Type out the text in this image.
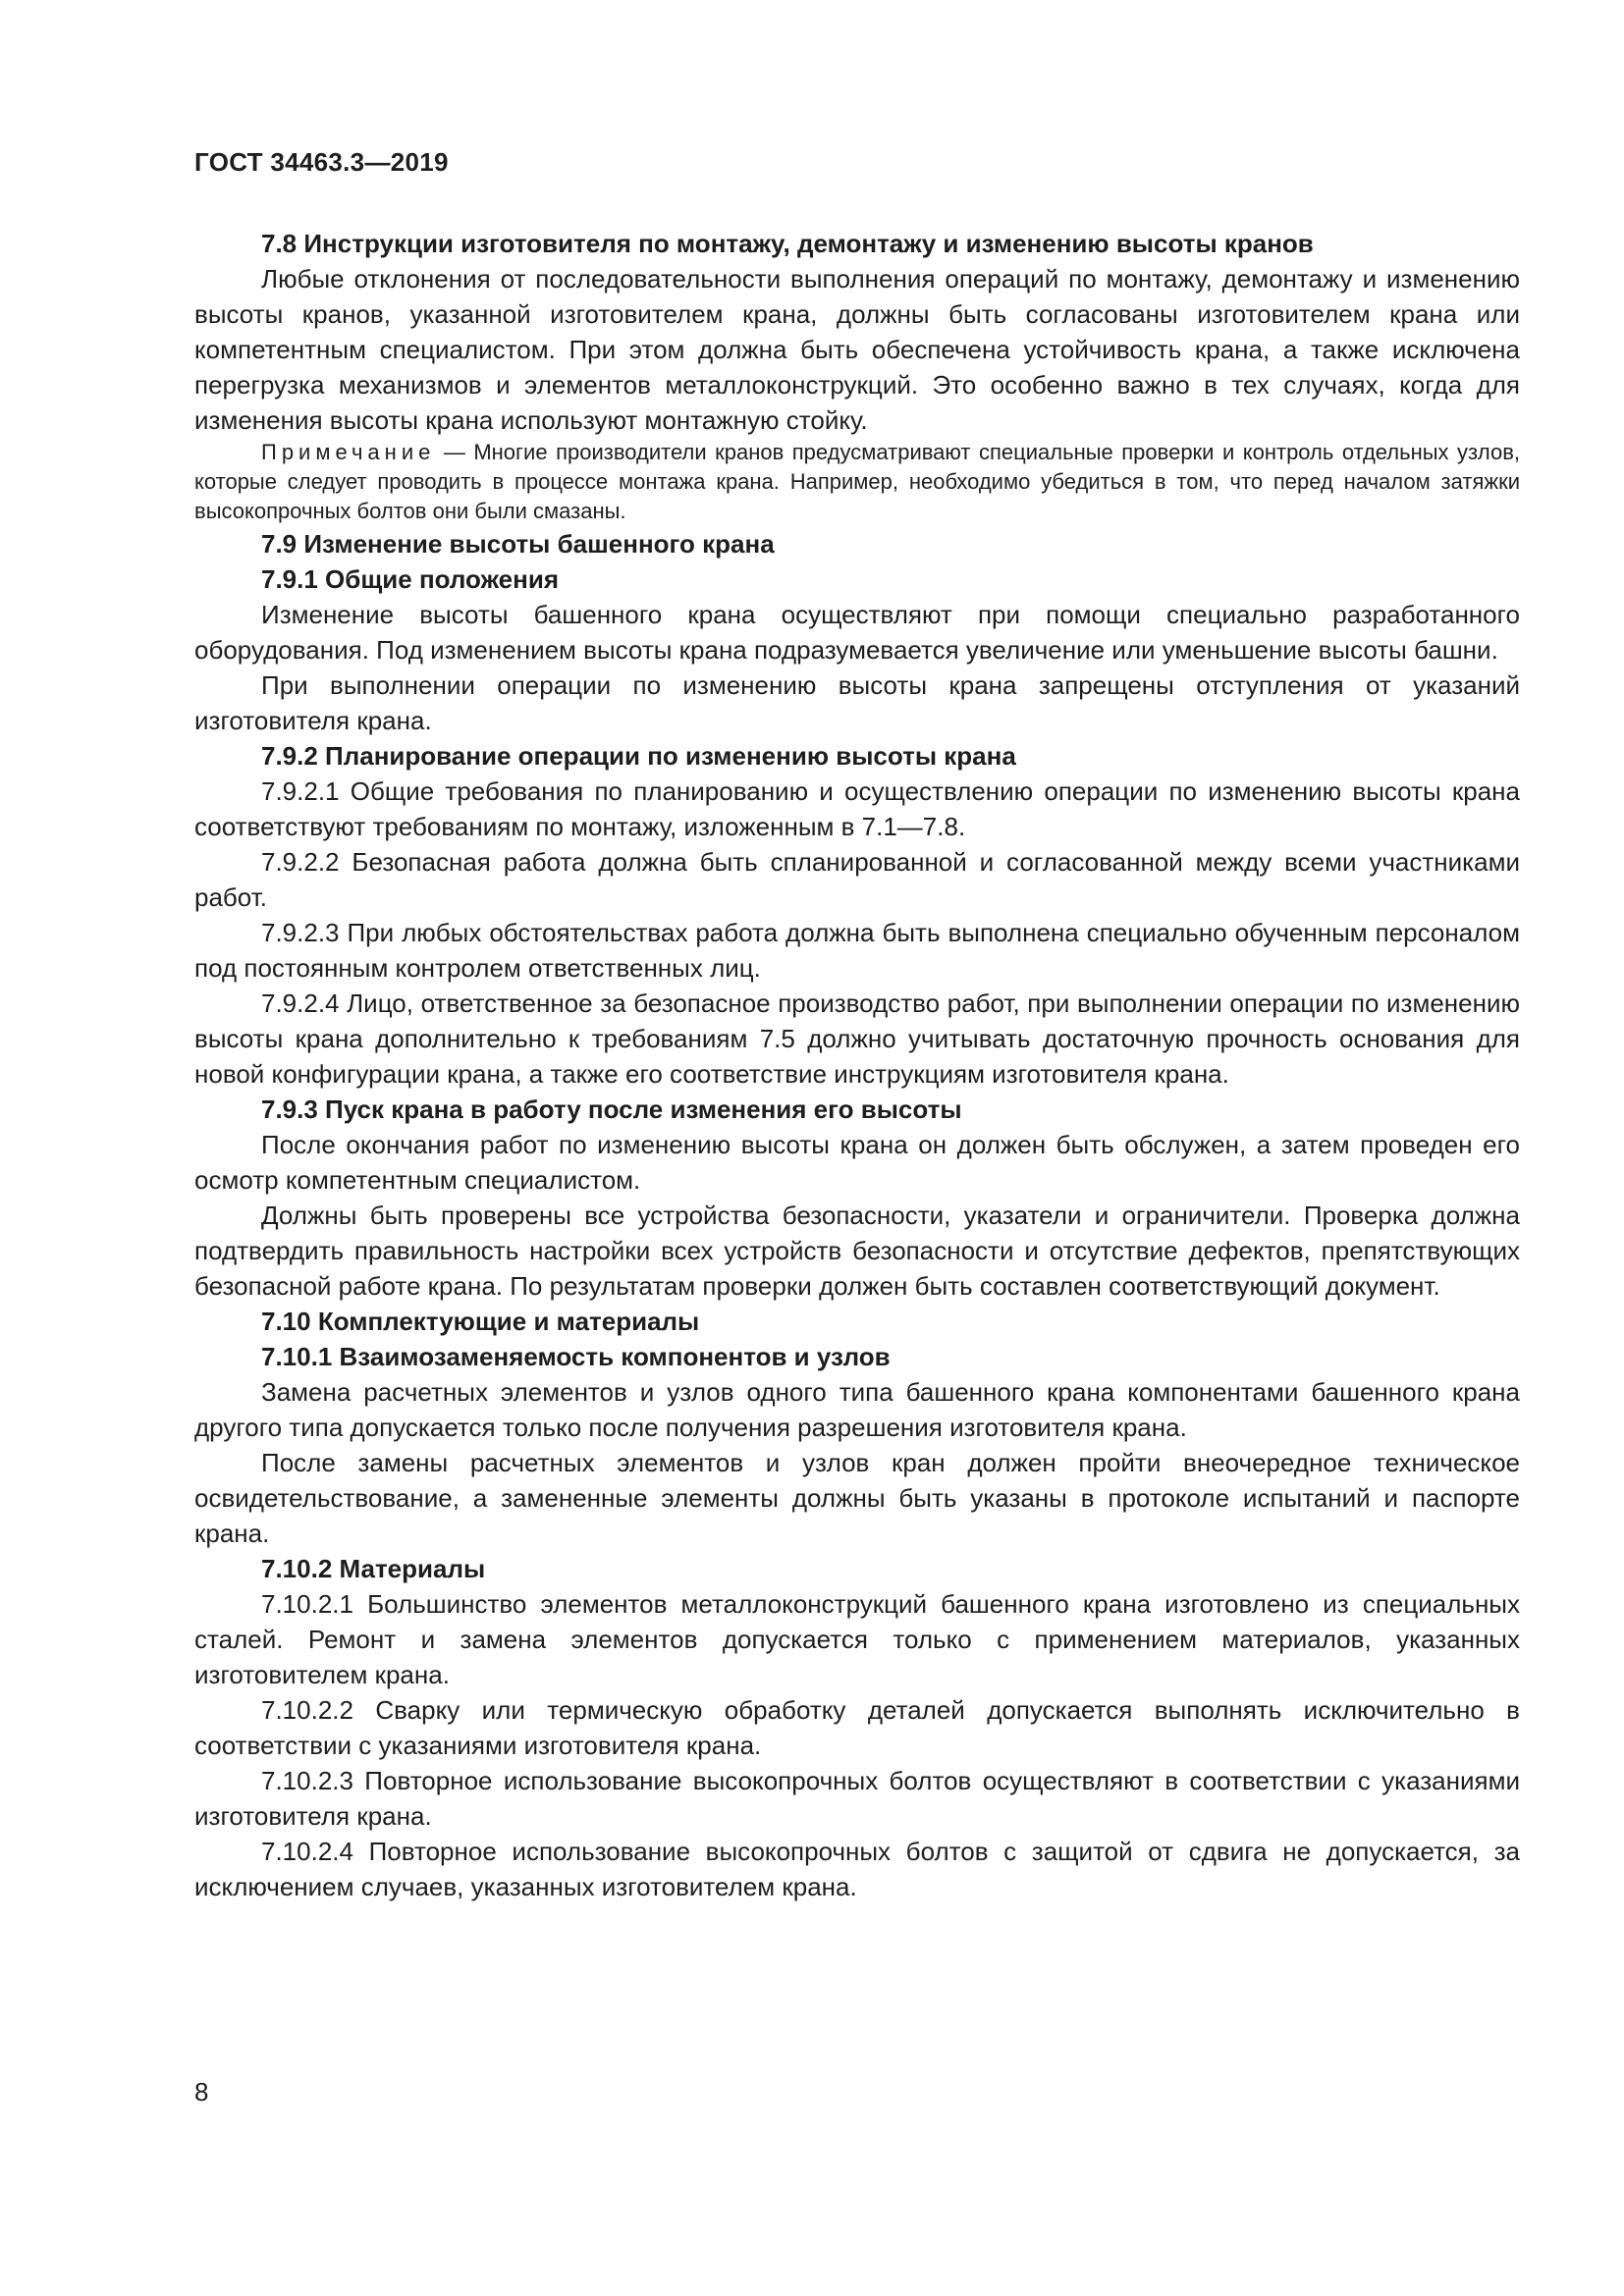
ГОСТ 34463.3—2019
7.8 Инструкции изготовителя по монтажу, демонтажу и изменению высоты кранов

Любые отклонения от последовательности выполнения операций по монтажу, демонтажу и изменению высоты кранов, указанной изготовителем крана, должны быть согласованы изготовителем крана или компетентным специалистом. При этом должна быть обеспечена устойчивость крана, а также исключена перегрузка механизмов и элементов металлоконструкций. Это особенно важно в тех случаях, когда для изменения высоты крана используют монтажную стойку.

Примечание — Многие производители кранов предусматривают специальные проверки и контроль отдельных узлов, которые следует проводить в процессе монтажа крана. Например, необходимо убедиться в том, что перед началом затяжки высокопрочных болтов они были смазаны.

7.9 Изменение высоты башенного крана
7.9.1 Общие положения

Изменение высоты башенного крана осуществляют при помощи специально разработанного оборудования. Под изменением высоты крана подразумевается увеличение или уменьшение высоты башни.

При выполнении операции по изменению высоты крана запрещены отступления от указаний изготовителя крана.

7.9.2 Планирование операции по изменению высоты крана

7.9.2.1 Общие требования по планированию и осуществлению операции по изменению высоты крана соответствуют требованиям по монтажу, изложенным в 7.1—7.8.

7.9.2.2 Безопасная работа должна быть спланированной и согласованной между всеми участниками работ.

7.9.2.3 При любых обстоятельствах работа должна быть выполнена специально обученным персоналом под постоянным контролем ответственных лиц.

7.9.2.4 Лицо, ответственное за безопасное производство работ, при выполнении операции по изменению высоты крана дополнительно к требованиям 7.5 должно учитывать достаточную прочность основания для новой конфигурации крана, а также его соответствие инструкциям изготовителя крана.

7.9.3 Пуск крана в работу после изменения его высоты

После окончания работ по изменению высоты крана он должен быть обслужен, а затем проведен его осмотр компетентным специалистом.

Должны быть проверены все устройства безопасности, указатели и ограничители. Проверка должна подтвердить правильность настройки всех устройств безопасности и отсутствие дефектов, препятствующих безопасной работе крана. По результатам проверки должен быть составлен соответствующий документ.

7.10 Комплектующие и материалы
7.10.1 Взаимозаменяемость компонентов и узлов

Замена расчетных элементов и узлов одного типа башенного крана компонентами башенного крана другого типа допускается только после получения разрешения изготовителя крана.

После замены расчетных элементов и узлов кран должен пройти внеочередное техническое освидетельствование, а замененные элементы должны быть указаны в протоколе испытаний и паспорте крана.

7.10.2 Материалы

7.10.2.1 Большинство элементов металлоконструкций башенного крана изготовлено из специальных сталей. Ремонт и замена элементов допускается только с применением материалов, указанных изготовителем крана.

7.10.2.2 Сварку или термическую обработку деталей допускается выполнять исключительно в соответствии с указаниями изготовителя крана.

7.10.2.3 Повторное использование высокопрочных болтов осуществляют в соответствии с указаниями изготовителя крана.

7.10.2.4 Повторное использование высокопрочных болтов с защитой от сдвига не допускается, за исключением случаев, указанных изготовителем крана.

8
